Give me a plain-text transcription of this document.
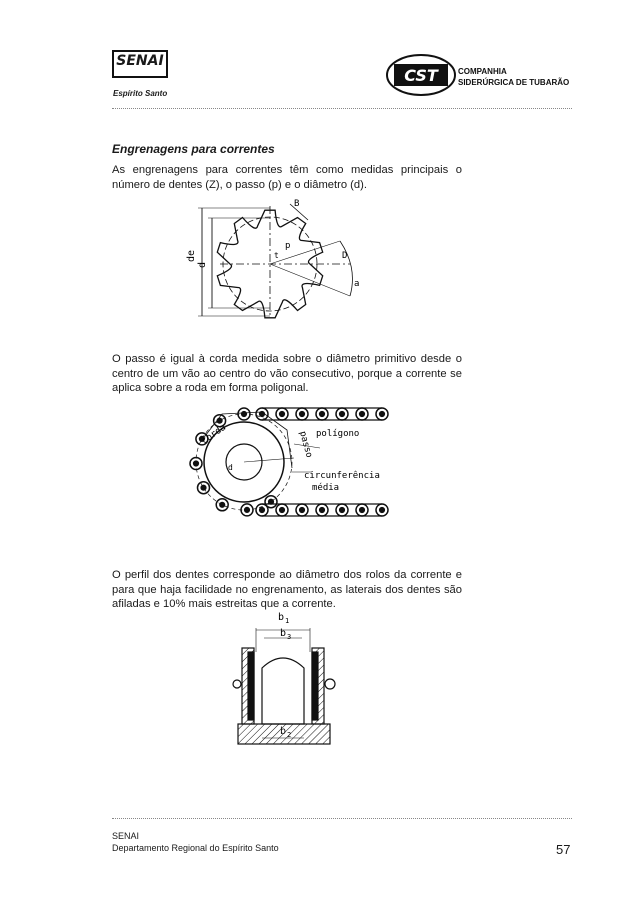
SENAI
Espírito Santo
CST	COMPANHIA
SIDERÚRGICA DE TUBARÃO
Engrenagens para correntes
As engrenagens para correntes têm como medidas principais o número de dentes (Z), o passo (p) e o diâmetro (d).
de
d
B
p
t	D
a
O passo é igual à corda medida sobre o diâmetro primitivo desde o centro de um vão ao centro do vão consecutivo, porque a corrente se aplica sobre a roda em forma poligonal.
corda	passo polígono
circunferência
média
d
O perfil dos dentes corresponde ao diâmetro dos rolos da corrente e para que haja facilidade no engrenamento, as laterais dos dentes são afiladas e 10% mais estreitas que a corrente.
b 1
b 3
b 2
SENAI
Departamento Regional do Espírito Santo	57
